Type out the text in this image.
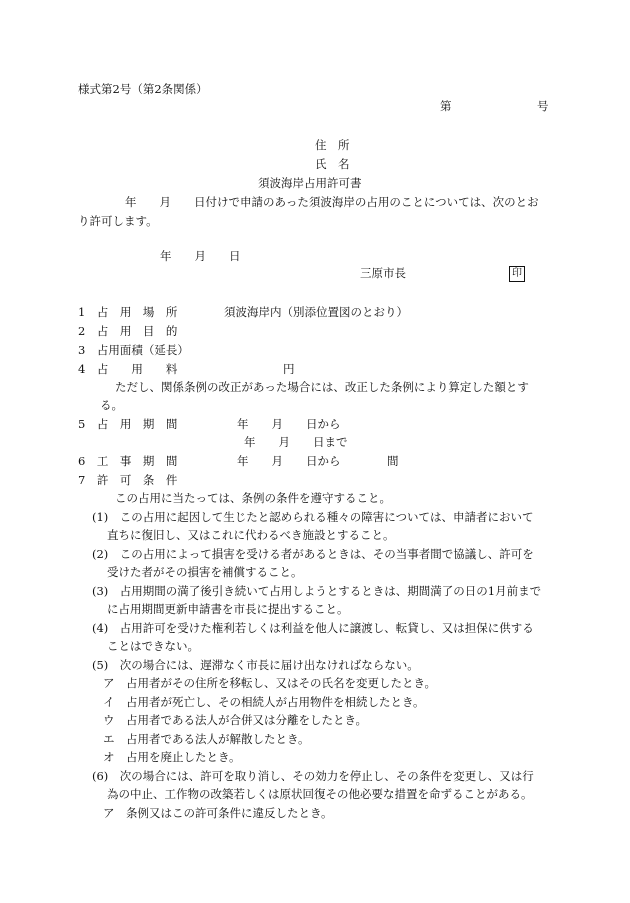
様式第2号（第2条関係）
第	号
住　所
氏　名
須波海岸占用許可書
年　　月　　日付けで申請のあった須波海岸の占用のことについては、次のとお
り許可します。
年　　月　　日
三原市長	印
1　占　用　場　所	須波海岸内（別添位置図のとおり）
2　占　用　目　的
3　占用面積（延長）
4　占　　用　　料	円
ただし、関係条例の改正があった場合には、改正した条例により算定した額とす
る。
5　占　用　期　間	年　　月　　日から
年　　月　　日まで
6　工　事　期　間	年　　月　　日から	間
7　許　可　条　件
この占用に当たっては、条例の条件を遵守すること。
(1)　この占用に起因して生じたと認められる種々の障害については、申請者において
直ちに復旧し、又はこれに代わるべき施設とすること。
(2)　この占用によって損害を受ける者があるときは、その当事者間で協議し、許可を
受けた者がその損害を補償すること。
(3)　占用期間の満了後引き続いて占用しようとするときは、期間満了の日の1月前まで
に占用期間更新申請書を市長に提出すること。
(4)　占用許可を受けた権利若しくは利益を他人に譲渡し、転貸し、又は担保に供する
ことはできない。
(5)　次の場合には、遅滞なく市長に届け出なければならない。
ア　占用者がその住所を移転し、又はその氏名を変更したとき。
イ　占用者が死亡し、その相続人が占用物件を相続したとき。
ウ　占用者である法人が合併又は分離をしたとき。
エ　占用者である法人が解散したとき。
オ　占用を廃止したとき。
(6)　次の場合には、許可を取り消し、その効力を停止し、その条件を変更し、又は行
為の中止、工作物の改築若しくは原状回復その他必要な措置を命ずることがある。
ア　条例又はこの許可条件に違反したとき。
